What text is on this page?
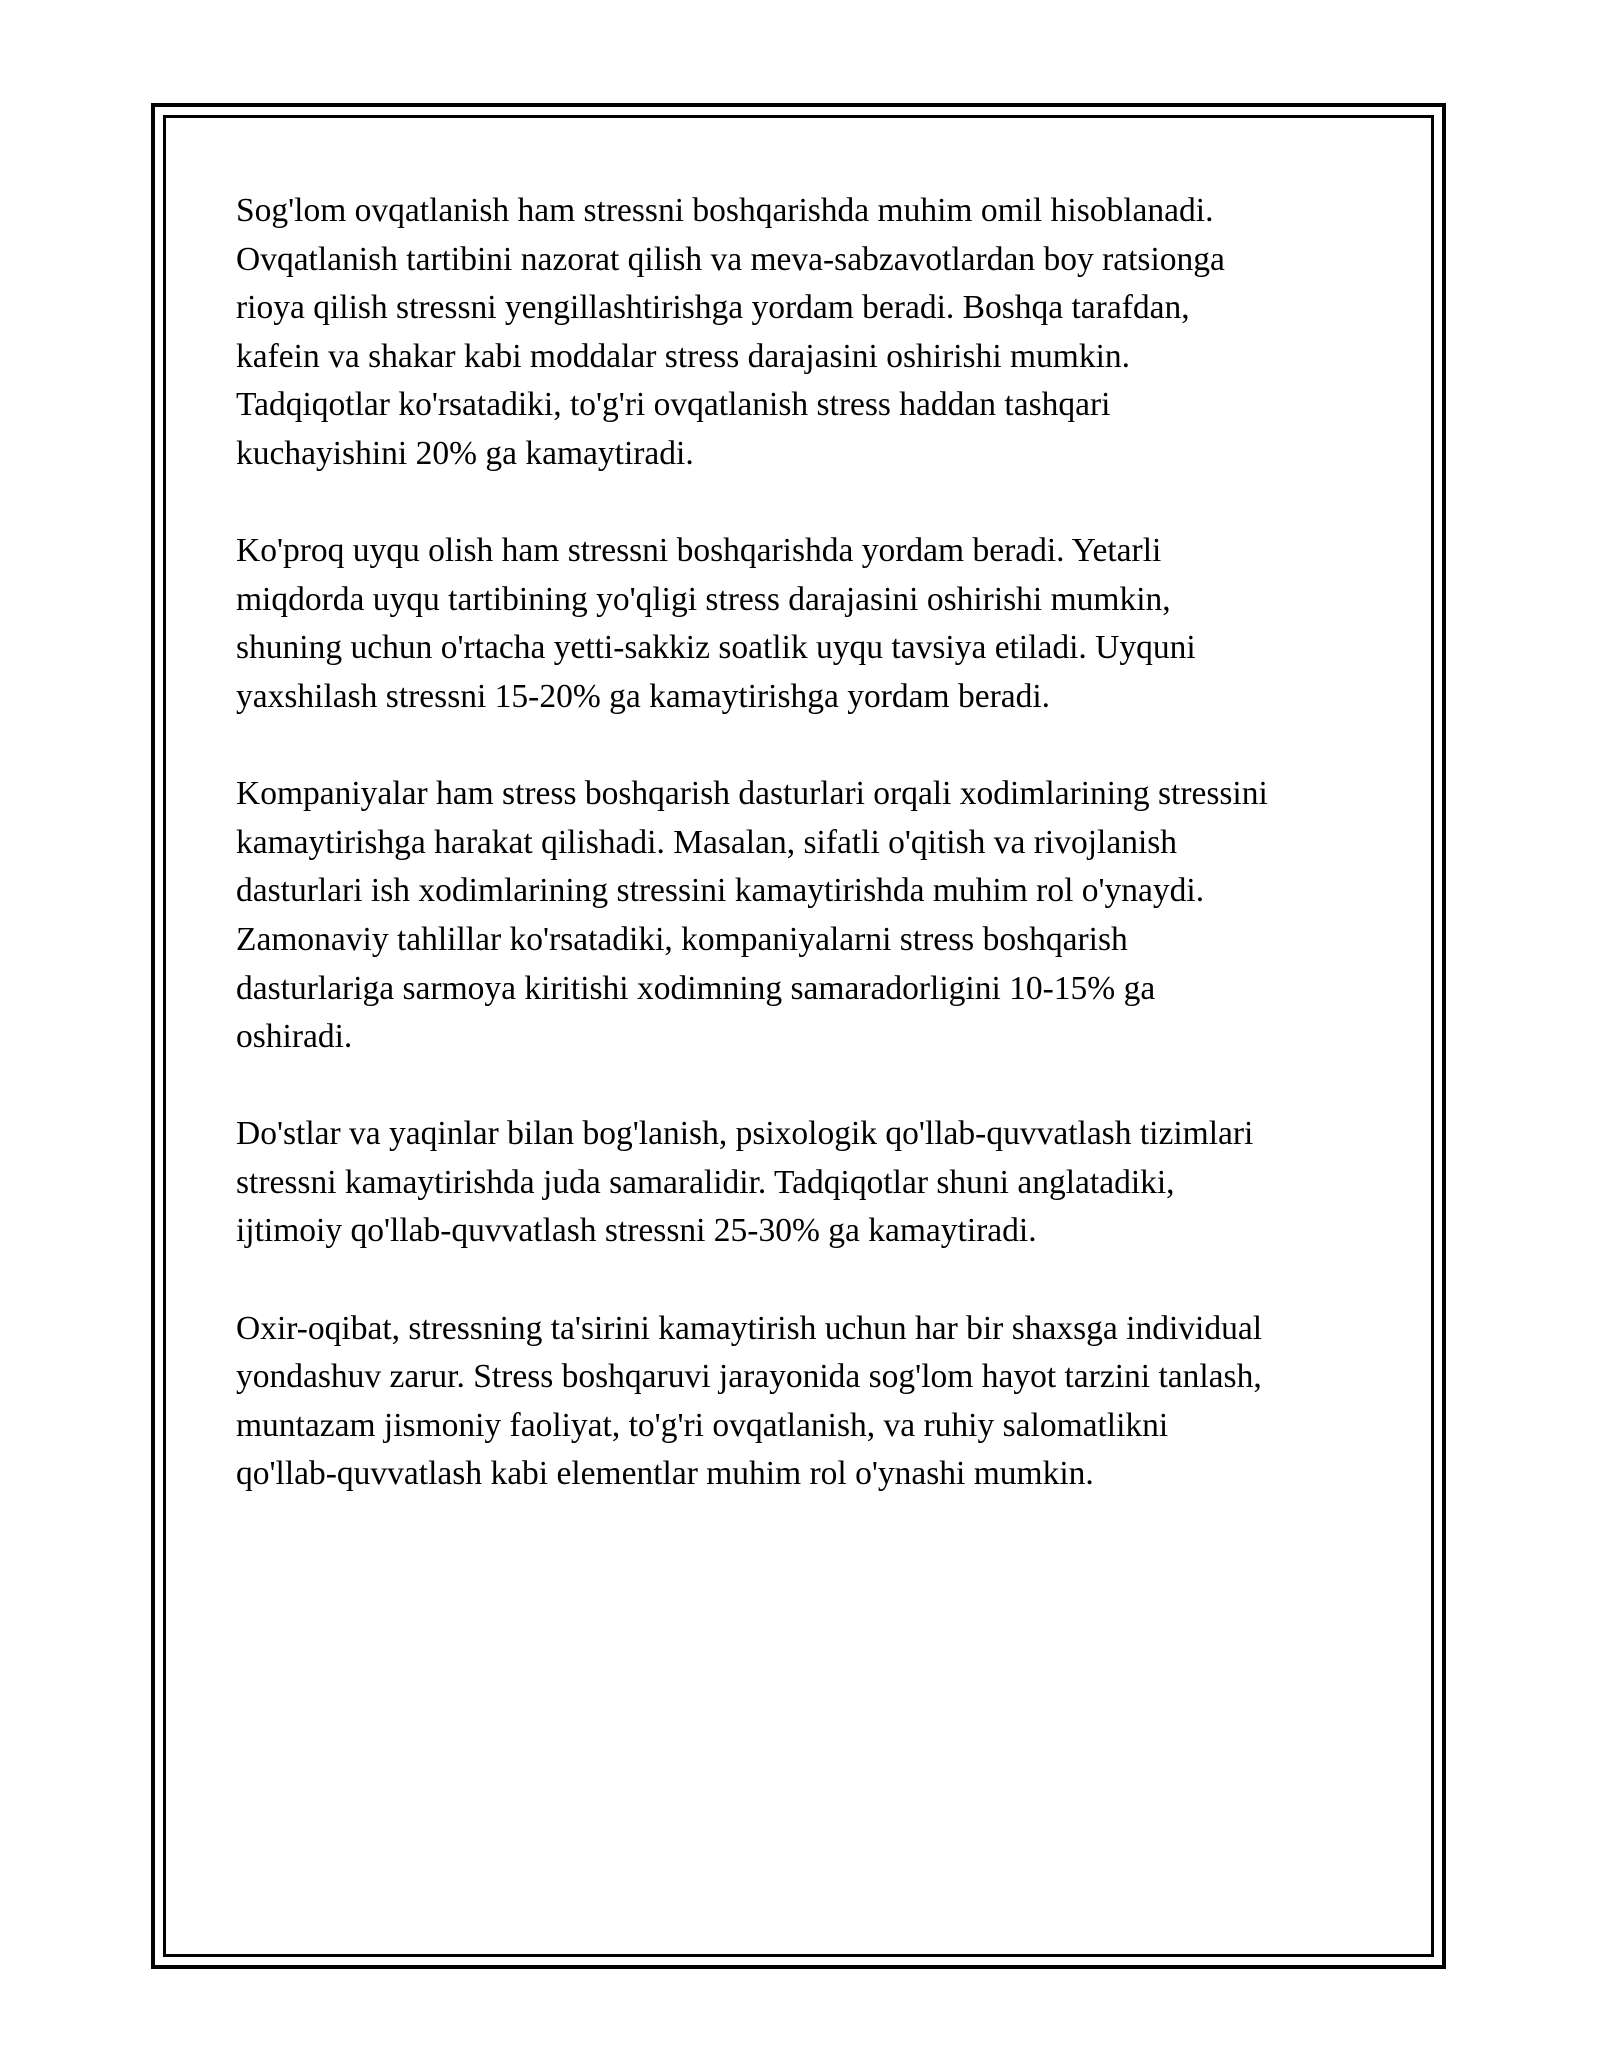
Sog'lom ovqatlanish ham stressni boshqarishda muhim omil hisoblanadi.
Ovqatlanish tartibini nazorat qilish va meva-sabzavotlardan boy ratsionga
rioya qilish stressni yengillashtirishga yordam beradi. Boshqa tarafdan,
kafein va shakar kabi moddalar stress darajasini oshirishi mumkin.
Tadqiqotlar ko'rsatadiki, to'g'ri ovqatlanish stress haddan tashqari
kuchayishini 20% ga kamaytiradi.

Ko'proq uyqu olish ham stressni boshqarishda yordam beradi. Yetarli
miqdorda uyqu tartibining yo'qligi stress darajasini oshirishi mumkin,
shuning uchun o'rtacha yetti-sakkiz soatlik uyqu tavsiya etiladi. Uyquni
yaxshilash stressni 15-20% ga kamaytirishga yordam beradi.

Kompaniyalar ham stress boshqarish dasturlari orqali xodimlarining stressini
kamaytirishga harakat qilishadi. Masalan, sifatli o'qitish va rivojlanish
dasturlari ish xodimlarining stressini kamaytirishda muhim rol o'ynaydi.
Zamonaviy tahlillar ko'rsatadiki, kompaniyalarni stress boshqarish
dasturlariga sarmoya kiritishi xodimning samaradorligini 10-15% ga
oshiradi.

Do'stlar va yaqinlar bilan bog'lanish, psixologik qo'llab-quvvatlash tizimlari
stressni kamaytirishda juda samaralidir. Tadqiqotlar shuni anglatadiki,
ijtimoiy qo'llab-quvvatlash stressni 25-30% ga kamaytiradi.

Oxir-oqibat, stressning ta'sirini kamaytirish uchun har bir shaxsga individual
yondashuv zarur. Stress boshqaruvi jarayonida sog'lom hayot tarzini tanlash,
muntazam jismoniy faoliyat, to'g'ri ovqatlanish, va ruhiy salomatlikni
qo'llab-quvvatlash kabi elementlar muhim rol o'ynashi mumkin.
